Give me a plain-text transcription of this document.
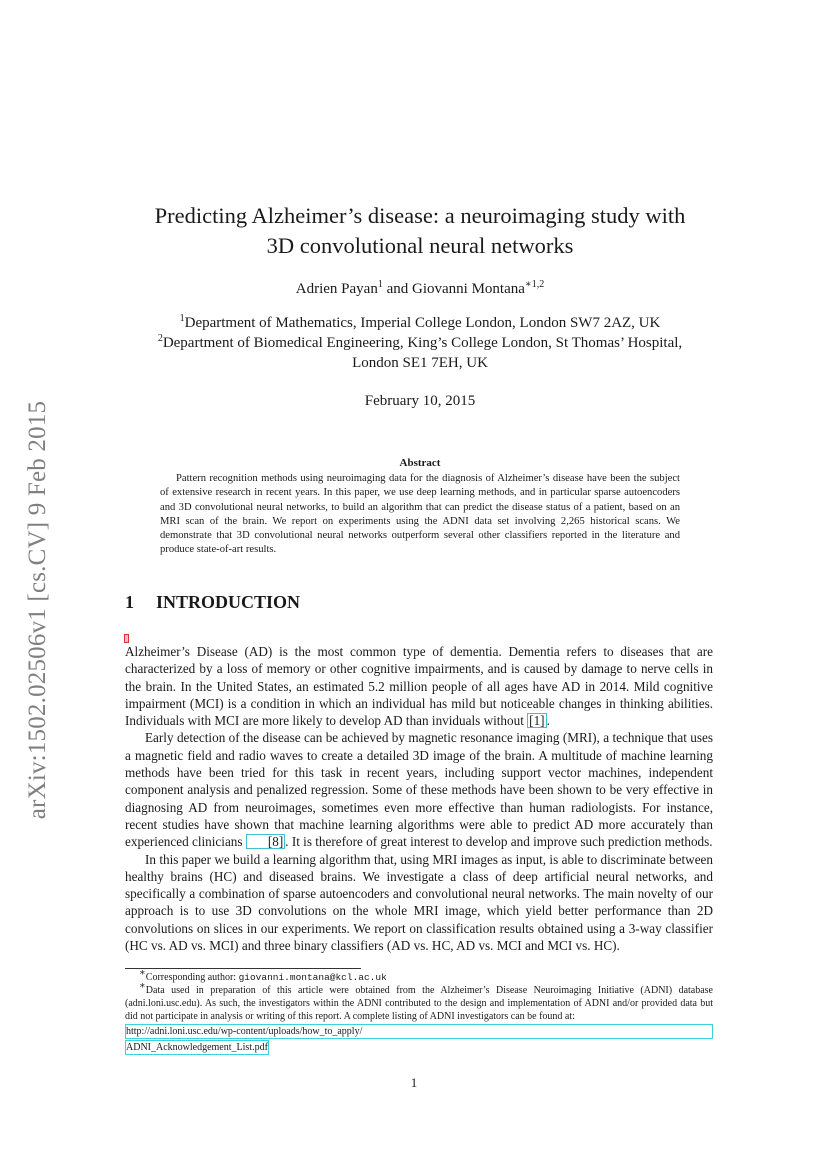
arXiv:1502.02506v1 [cs.CV] 9 Feb 2015
Predicting Alzheimer’s disease: a neuroimaging study with
3D convolutional neural networks
Adrien Payan$^1$ and Giovanni Montana$^{∗1,2}$
$^1$Department of Mathematics, Imperial College London, London SW7 2AZ, UK
$^2$Department of Biomedical Engineering, King’s College London, St Thomas’ Hospital,
London SE1 7EH, UK
February 10, 2015
Abstract

Pattern recognition methods using neuroimaging data for the diagnosis of Alzheimer’s disease have been the subject of extensive research in recent years. In this paper, we use deep learning methods, and in particular sparse autoencoders and 3D convolutional neural networks, to build an algorithm that can predict the disease status of a patient, based on an MRI scan of the brain. We report on experiments using the ADNI data set involving 2,265 historical scans. We demonstrate that 3D convolutional neural networks outperform several other classifiers reported in the literature and produce state-of-art results.

1 INTRODUCTION

Alzheimer’s Disease (AD) is the most common type of dementia. Dementia refers to diseases that are characterized by a loss of memory or other cognitive impairments, and is caused by damage to nerve cells in the brain. In the United States, an estimated 5.2 million people of all ages have AD in 2014. Mild cognitive impairment (MCI) is a condition in which an individual has mild but noticeable changes in thinking abilities. Individuals with MCI are more likely to develop AD than inviduals without [1] .

Early detection of the disease can be achieved by magnetic resonance imaging (MRI), a technique that uses a magnetic field and radio waves to create a detailed 3D image of the brain. A multitude of machine learning methods have been tried for this task in recent years, including support vector machines, independent component analysis and penalized regression. Some of these methods have been shown to be very effective in diagnosing AD from neuroimages, sometimes even more effective than human radiologists. For instance, recent studies have shown that machine learning algorithms were able to predict AD more accurately than experienced clinicians [8] . It is therefore of great interest to develop and improve such prediction methods.

In this paper we build a learning algorithm that, using MRI images as input, is able to discriminate between healthy brains (HC) and diseased brains. We investigate a class of deep artificial neural networks, and specifically a combination of sparse autoencoders and convolutional neural networks. The main novelty of our approach is to use 3D convolutions on the whole MRI image, which yield better performance than 2D convolutions on slices in our experiments. We report on classification results obtained using a 3-way classifier (HC vs. AD vs. MCI) and three binary classifiers (AD vs. HC, AD vs. MCI and MCI vs. HC).

∗Corresponding author: giovanni.montana@kcl.ac.uk

∗Data used in preparation of this article were obtained from the Alzheimer’s Disease Neuroimaging Initiative (ADNI) database (adni.loni.usc.edu). As such, the investigators within the ADNI contributed to the design and implementation of ADNI and/or provided data but did not participate in analysis or writing of this report. A complete listing of ADNI investigators can be found at:

http://adni.loni.usc.edu/wp-content/uploads/how_to_apply/
ADNI_Acknowledgement_List.pdf
1
